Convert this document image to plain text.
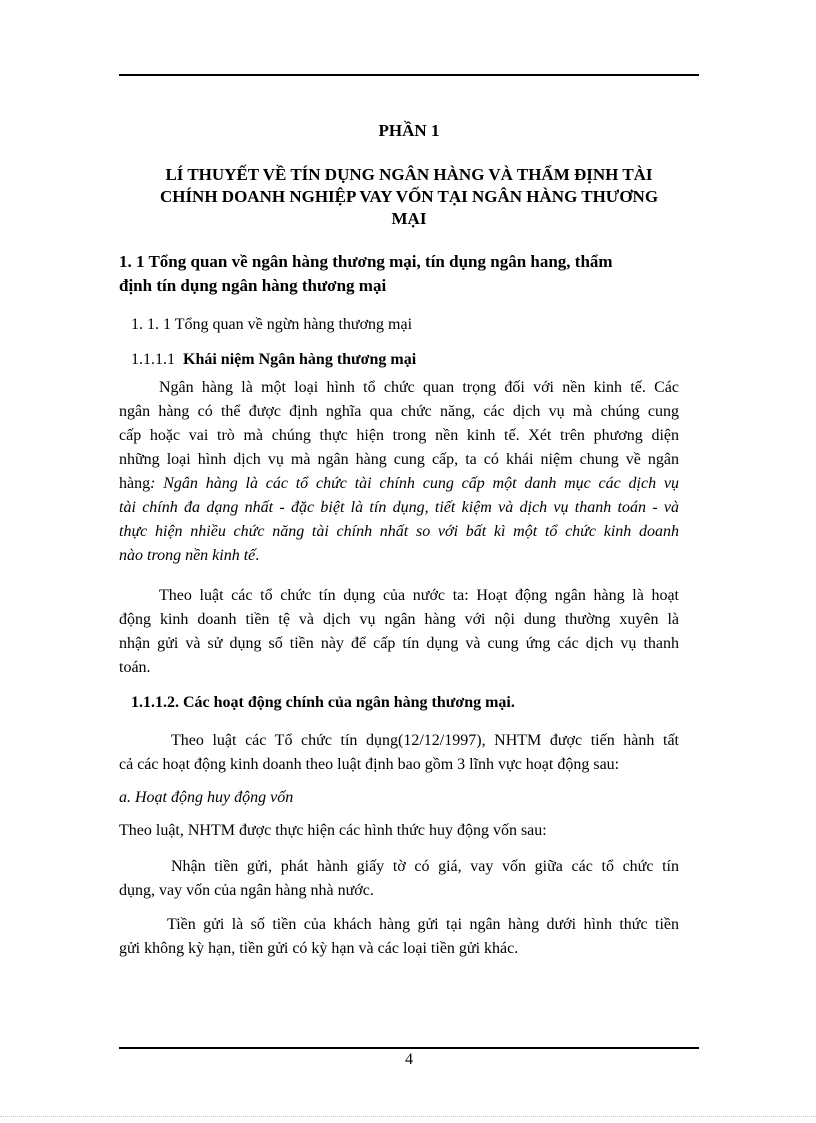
PHẦN 1
LÍ THUYẾT VỀ TÍN DỤNG NGÂN HÀNG VÀ THẨM ĐỊNH TÀI
CHÍNH DOANH NGHIỆP VAY VỐN TẠI NGÂN HÀNG THƯƠNG
MẠI
1. 1 Tổng quan về ngân hàng thương mại, tín dụng ngân hang, thẩm
định tín dụng ngân hàng thương mại
1. 1. 1 Tổng quan về ngừn hàng thương mại
1.1.1.1 Khái niệm Ngân hàng thương mại
Ngân hàng là một loại hình tổ chức quan trọng đối với nền kinh tế. Các
ngân hàng có thể được định nghĩa qua chức năng, các dịch vụ mà chúng cung
cấp hoặc vai trò mà chúng thực hiện trong nền kinh tế. Xét trên phương diện
những loại hình dịch vụ mà ngân hàng cung cấp, ta có khái niệm chung về ngân
hàng: Ngân hàng là các tổ chức tài chính cung cấp một danh mục các dịch vụ
tài chính đa dạng nhất - đặc biệt là tín dụng, tiết kiệm và dịch vụ thanh toán - và
thực hiện nhiều chức năng tài chính nhất so với bất kì một tổ chức kinh doanh
nào trong nền kinh tế.
Theo luật các tổ chức tín dụng của nước ta: Hoạt động ngân hàng là hoạt
động kinh doanh tiền tệ và dịch vụ ngân hàng với nội dung thường xuyên là
nhận gửi và sử dụng số tiền này để cấp tín dụng và cung ứng các dịch vụ thanh
toán.
1.1.1.2. Các hoạt động chính của ngân hàng thương mại.
Theo luật các Tổ chức tín dụng(12/12/1997), NHTM được tiến hành tất
cả các hoạt động kinh doanh theo luật định bao gồm 3 lĩnh vực hoạt động sau:
a. Hoạt động huy động vốn
Theo luật, NHTM được thực hiện các hình thức huy động vốn sau:
Nhận tiền gửi, phát hành giấy tờ có giá, vay vốn giữa các tổ chức tín
dụng, vay vốn của ngân hàng nhà nước.
Tiền gửi là số tiền của khách hàng gửi tại ngân hàng dưới hình thức tiền
gửi không kỳ hạn, tiền gửi có kỳ hạn và các loại tiền gửi khác.
4
